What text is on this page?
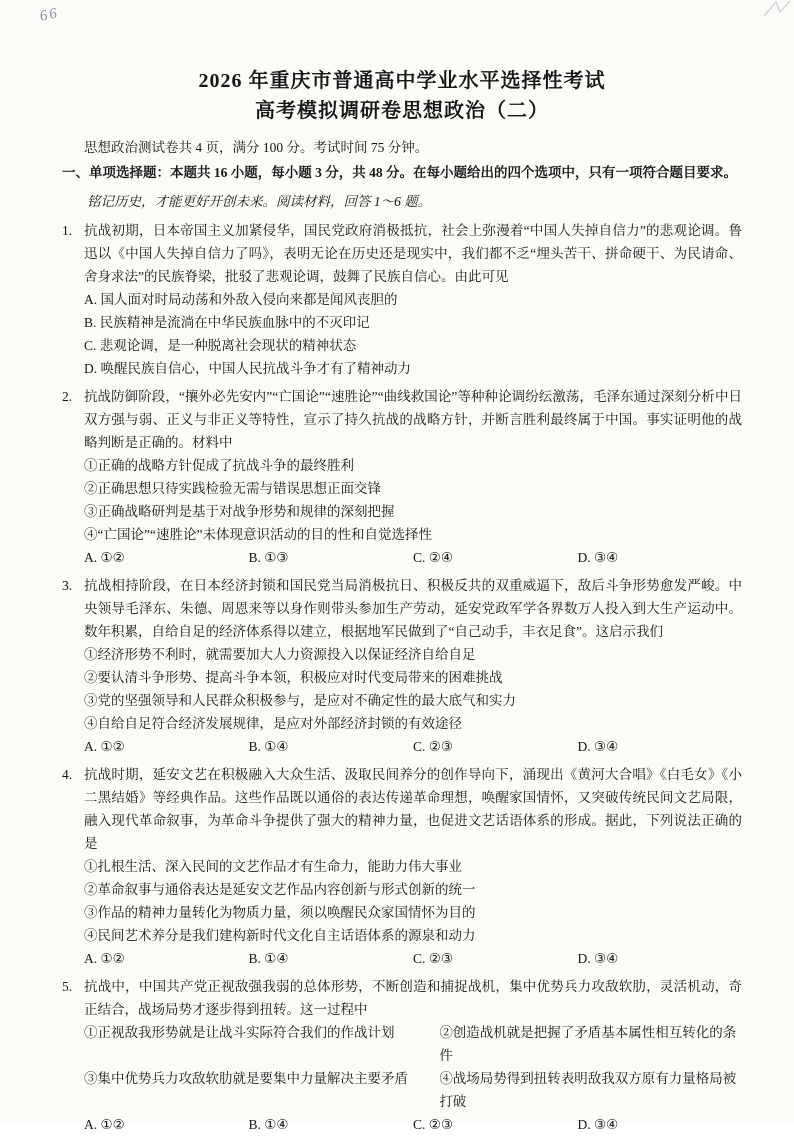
66
2026 年重庆市普通高中学业水平选择性考试
高考模拟调研卷思想政治（二）

思想政治测试卷共 4 页，满分 100 分。考试时间 75 分钟。

一、单项选择题：本题共 16 小题，每小题 3 分，共 48 分。在每小题给出的四个选项中，只有一项符合题目要求。

铭记历史，才能更好开创未来。阅读材料，回答 1～6 题。

1. 抗战初期，日本帝国主义加紧侵华，国民党政府消极抵抗，社会上弥漫着“中国人失掉自信力”的悲观论调。鲁迅以《中国人失掉自信力了吗》，表明无论在历史还是现实中，我们都不乏“埋头苦干、拼命硬干、为民请命、舍身求法”的民族脊梁，批驳了悲观论调，鼓舞了民族自信心。由此可见

A. 国人面对时局动荡和外敌入侵向来都是闻风丧胆的

B. 民族精神是流淌在中华民族血脉中的不灭印记

C. 悲观论调，是一种脱离社会现状的精神状态

D. 唤醒民族自信心，中国人民抗战斗争才有了精神动力

2. 抗战防御阶段，“攘外必先安内”“亡国论”“速胜论”“曲线救国论”等种种论调纷纭激荡，毛泽东通过深刻分析中日双方强与弱、正义与非正义等特性，宣示了持久抗战的战略方针，并断言胜利最终属于中国。事实证明他的战略判断是正确的。材料中

①正确的战略方针促成了抗战斗争的最终胜利

②正确思想只待实践检验无需与错误思想正面交锋

③正确战略研判是基于对战争形势和规律的深刻把握

④“亡国论”“速胜论”未体现意识活动的目的性和自觉选择性

A. ①②	B. ①③	C. ②④	D. ③④
3. 抗战相持阶段，在日本经济封锁和国民党当局消极抗日、积极反共的双重威逼下，敌后斗争形势愈发严峻。中央领导毛泽东、朱德、周恩来等以身作则带头参加生产劳动，延安党政军学各界数万人投入到大生产运动中。数年积累，自给自足的经济体系得以建立，根据地军民做到了“自己动手，丰衣足食”。这启示我们

①经济形势不利时，就需要加大人力资源投入以保证经济自给自足

②要认清斗争形势、提高斗争本领，积极应对时代变局带来的困难挑战

③党的坚强领导和人民群众积极参与，是应对不确定性的最大底气和实力

④自给自足符合经济发展规律，是应对外部经济封锁的有效途径

A. ①②	B. ①④	C. ②③	D. ③④
4. 抗战时期，延安文艺在积极融入大众生活、汲取民间养分的创作导向下，涌现出《黄河大合唱》《白毛女》《小二黑结婚》等经典作品。这些作品既以通俗的表达传递革命理想，唤醒家国情怀，又突破传统民间文艺局限，融入现代革命叙事，为革命斗争提供了强大的精神力量，也促进文艺话语体系的形成。据此，下列说法正确的是

①扎根生活、深入民间的文艺作品才有生命力，能助力伟大事业

②革命叙事与通俗表达是延安文艺作品内容创新与形式创新的统一

③作品的精神力量转化为物质力量，须以唤醒民众家国情怀为目的

④民间艺术养分是我们建构新时代文化自主话语体系的源泉和动力

A. ①②	B. ①④	C. ②③	D. ③④
5. 抗战中，中国共产党正视敌强我弱的总体形势，不断创造和捕捉战机，集中优势兵力攻敌软肋，灵活机动，奇正结合，战场局势才逐步得到扭转。这一过程中

①正视敌我形势就是让战斗实际符合我们的作战计划	②创造战机就是把握了矛盾基本属性相互转化的条件
③集中优势兵力攻敌软肋就是要集中力量解决主要矛盾	④战场局势得到扭转表明敌我双方原有力量格局被打破
A. ①②	B. ①④	C. ②③	D. ③④
